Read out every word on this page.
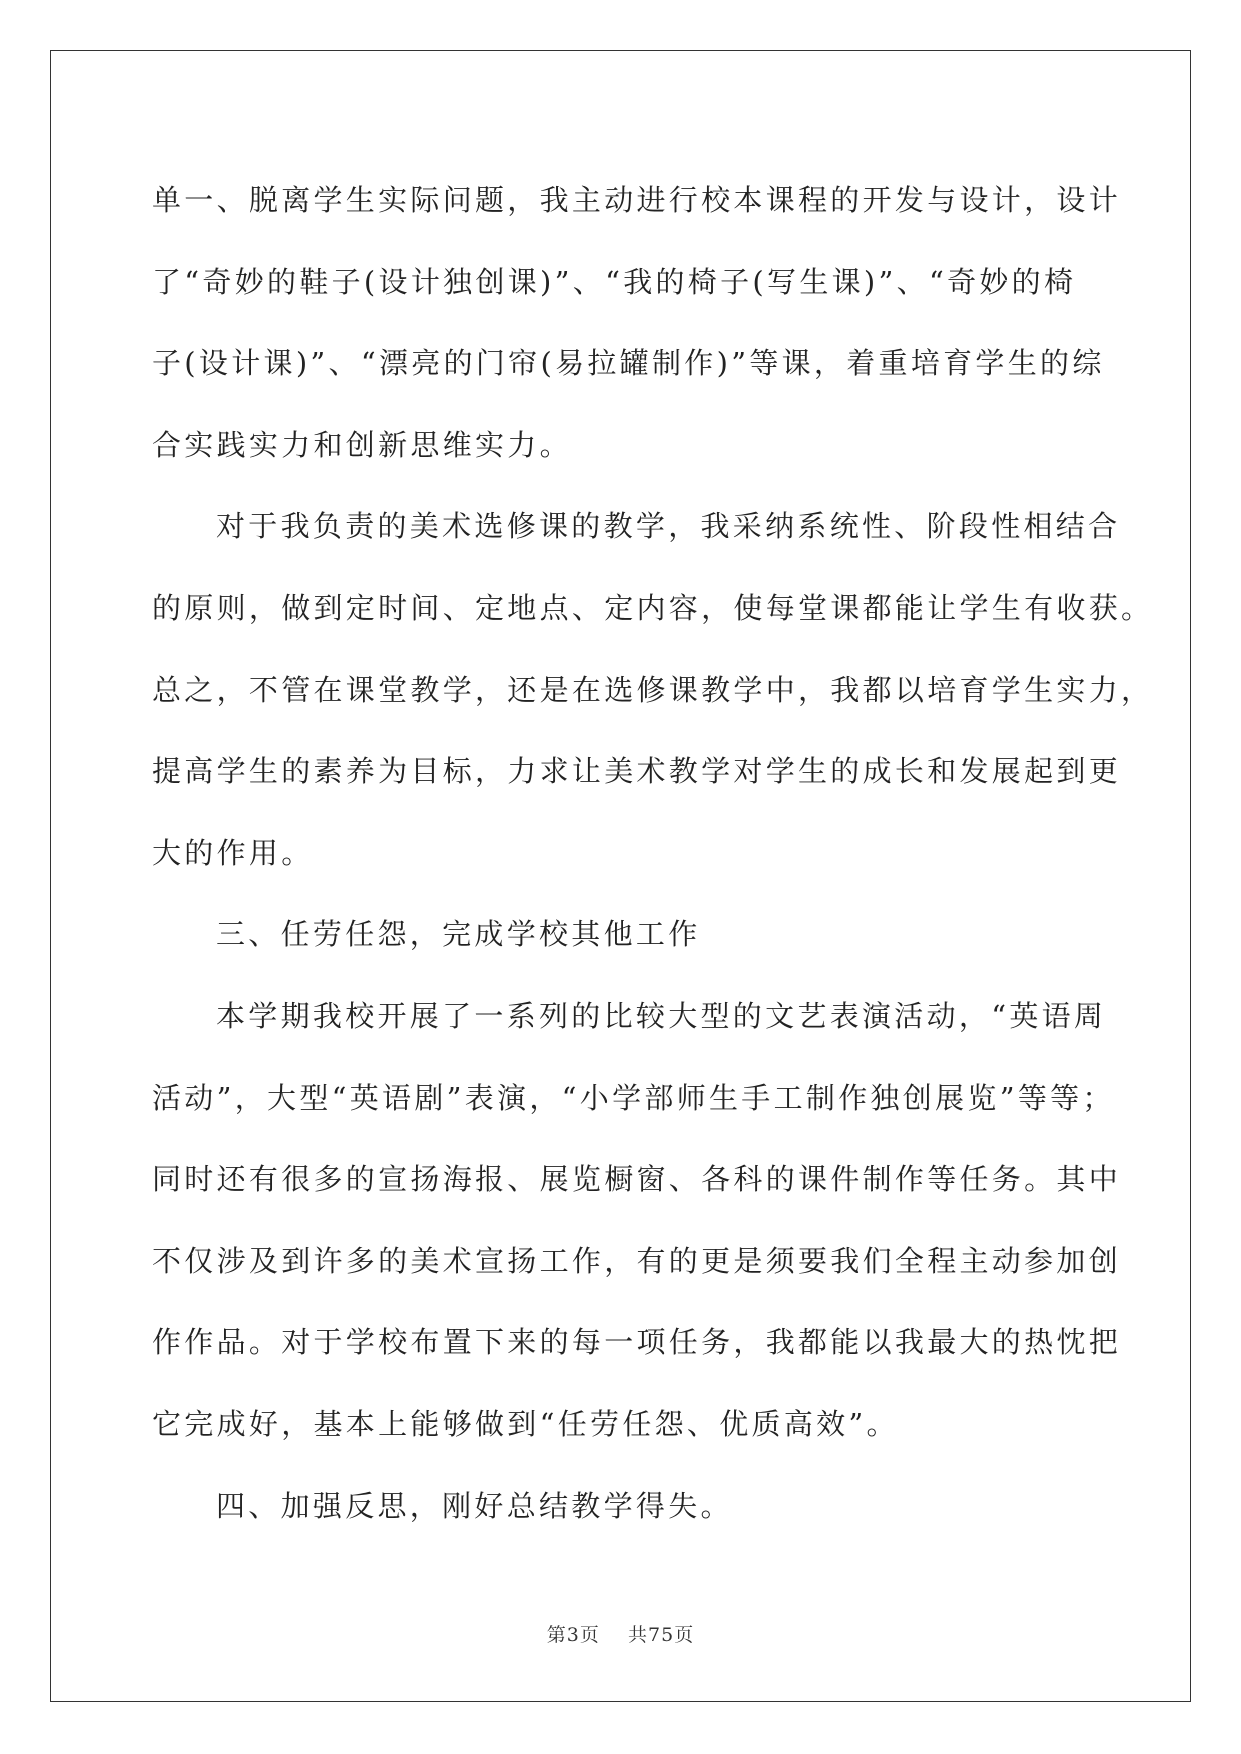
单一、脱离学生实际问题，我主动进行校本课程的开发与设计，设计
了“奇妙的鞋子(设计独创课)”、“我的椅子(写生课)”、“奇妙的椅
子(设计课)”、“漂亮的门帘(易拉罐制作)”等课，着重培育学生的综
合实践实力和创新思维实力。

对于我负责的美术选修课的教学，我采纳系统性、阶段性相结合
的原则，做到定时间、定地点、定内容，使每堂课都能让学生有收获。
总之，不管在课堂教学，还是在选修课教学中，我都以培育学生实力，
提高学生的素养为目标，力求让美术教学对学生的成长和发展起到更
大的作用。

三、任劳任怨，完成学校其他工作

本学期我校开展了一系列的比较大型的文艺表演活动，“英语周
活动”，大型“英语剧”表演，“小学部师生手工制作独创展览”等等；
同时还有很多的宣扬海报、展览橱窗、各科的课件制作等任务。其中
不仅涉及到许多的美术宣扬工作，有的更是须要我们全程主动参加创
作作品。对于学校布置下来的每一项任务，我都能以我最大的热忱把
它完成好，基本上能够做到“任劳任怨、优质高效”。

四、加强反思，刚好总结教学得失。

第3页 共75页
